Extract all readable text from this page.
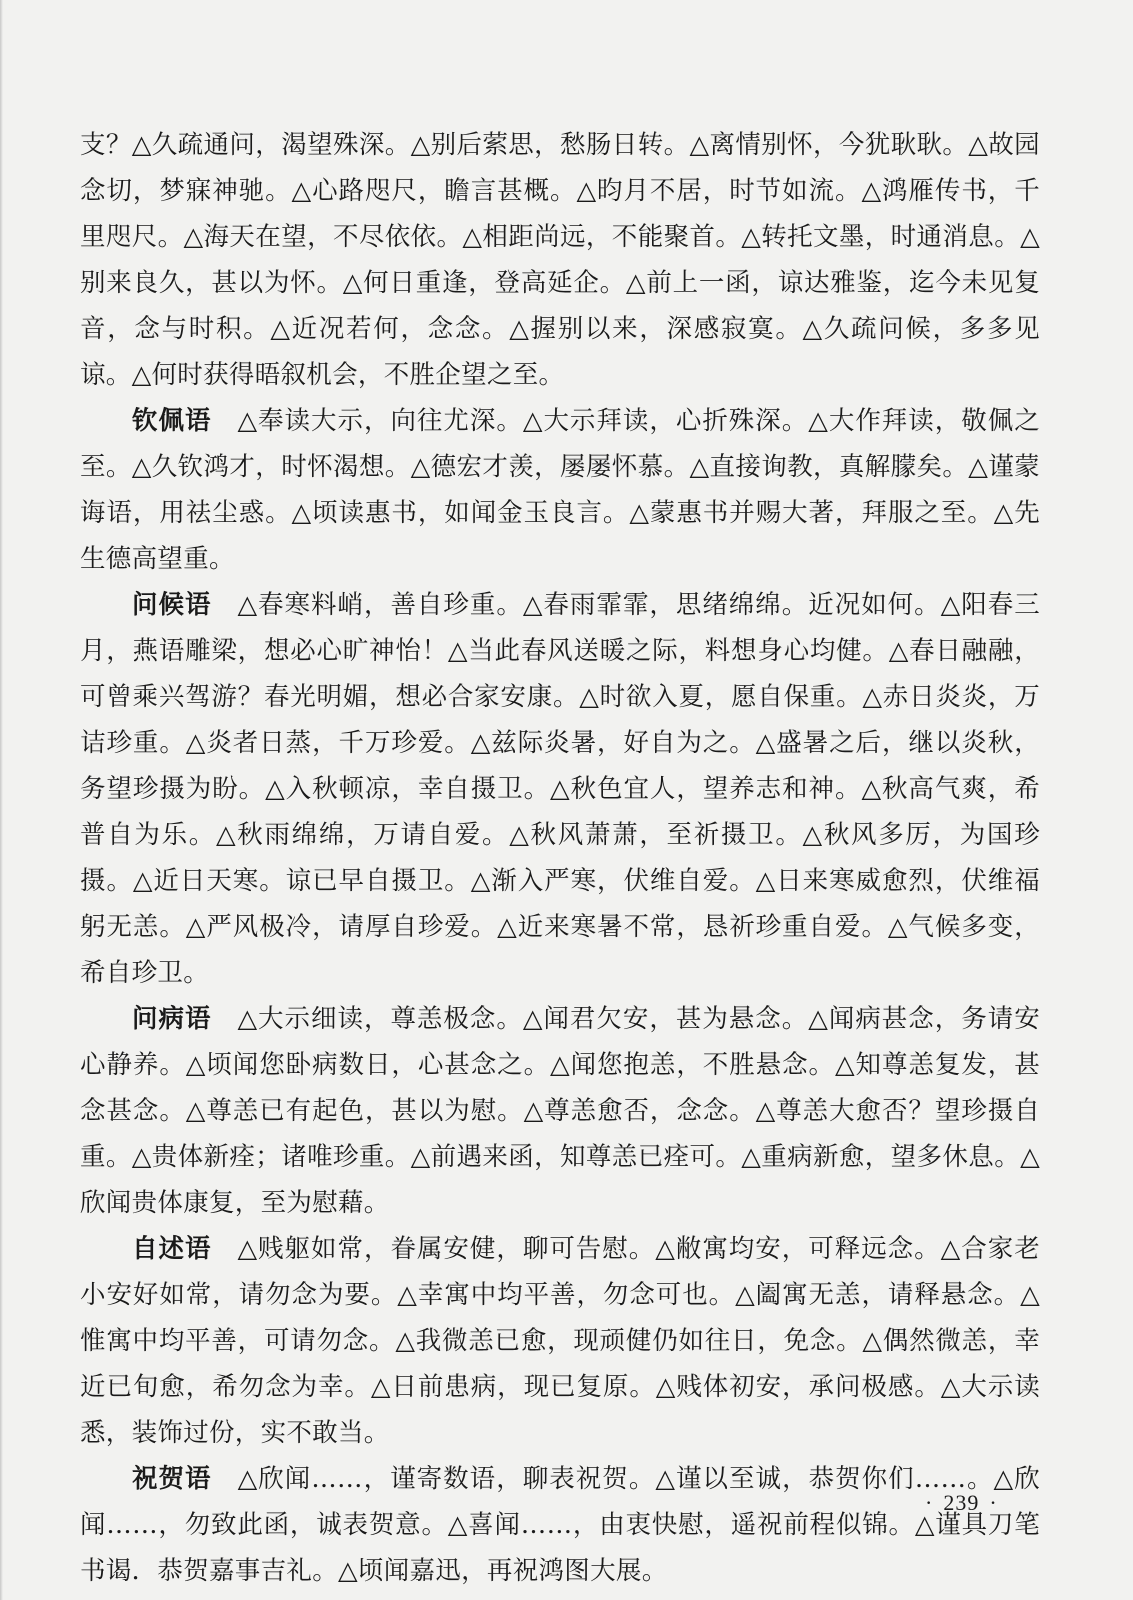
支？△久疏通问，渴望殊深。△别后萦思，愁肠日转。△离情别怀，今犹耿耿。△故园念切，梦寐神驰。△心路咫尺，瞻言甚概。△昀月不居，时节如流。△鸿雁传书，千里咫尺。△海天在望，不尽依依。△相距尚远，不能聚首。△转托文墨，时通消息。△别来良久，甚以为怀。△何日重逢，登高延企。△前上一函，谅达雅鉴，迄今未见复音，念与时积。△近况若何，念念。△握别以来，深感寂寞。△久疏问候，多多见谅。△何时获得晤叙机会，不胜企望之至。

钦佩语 △奉读大示，向往尤深。△大示拜读，心折殊深。△大作拜读，敬佩之至。△久钦鸿才，时怀渴想。△德宏才羡，屡屡怀慕。△直接询教，真解朦矣。△谨蒙诲语，用祛尘惑。△顷读惠书，如闻金玉良言。△蒙惠书并赐大著，拜服之至。△先生德高望重。

问候语 △春寒料峭，善自珍重。△春雨霏霏，思绪绵绵。近况如何。△阳春三月，燕语雕梁，想必心旷神怡！△当此春风送暖之际，料想身心均健。△春日融融，可曾乘兴驾游？春光明媚，想必合家安康。△时欲入夏，愿自保重。△赤日炎炎，万诘珍重。△炎者日蒸，千万珍爱。△兹际炎暑，好自为之。△盛暑之后，继以炎秋，务望珍摄为盼。△入秋顿凉，幸自摄卫。△秋色宜人，望养志和神。△秋高气爽，希普自为乐。△秋雨绵绵，万请自爱。△秋风萧萧，至祈摄卫。△秋风多厉，为国珍摄。△近日天寒。谅已早自摄卫。△渐入严寒，伏维自爱。△日来寒威愈烈，伏维福躬无恙。△严风极冷，请厚自珍爱。△近来寒暑不常，恳祈珍重自爱。△气候多变，希自珍卫。

问病语 △大示细读，尊恙极念。△闻君欠安，甚为悬念。△闻病甚念，务请安心静养。△顷闻您卧病数日，心甚念之。△闻您抱恙，不胜悬念。△知尊恙复发，甚念甚念。△尊恙已有起色，甚以为慰。△尊恙愈否，念念。△尊恙大愈否？望珍摄自重。△贵体新痊；诸唯珍重。△前遇来函，知尊恙已痊可。△重病新愈，望多休息。△欣闻贵体康复，至为慰藉。

自述语 △贱躯如常，眷属安健，聊可告慰。△敝寓均安，可释远念。△合家老小安好如常，请勿念为要。△幸寓中均平善，勿念可也。△阖寓无恙，请释悬念。△惟寓中均平善，可请勿念。△我微恙已愈，现顽健仍如往日，免念。△偶然微恙，幸近已旬愈，希勿念为幸。△日前患病，现已复原。△贱体初安，承问极感。△大示读悉，装饰过份，实不敢当。

祝贺语 △欣闻……，谨寄数语，聊表祝贺。△谨以至诚，恭贺你们……。△欣闻……，勿致此函，诚表贺意。△喜闻……，由衷快慰，遥祝前程似锦。△谨具刀笔书谒．恭贺嘉事吉礼。△顷闻嘉迅，再祝鸿图大展。

· 239 ·
